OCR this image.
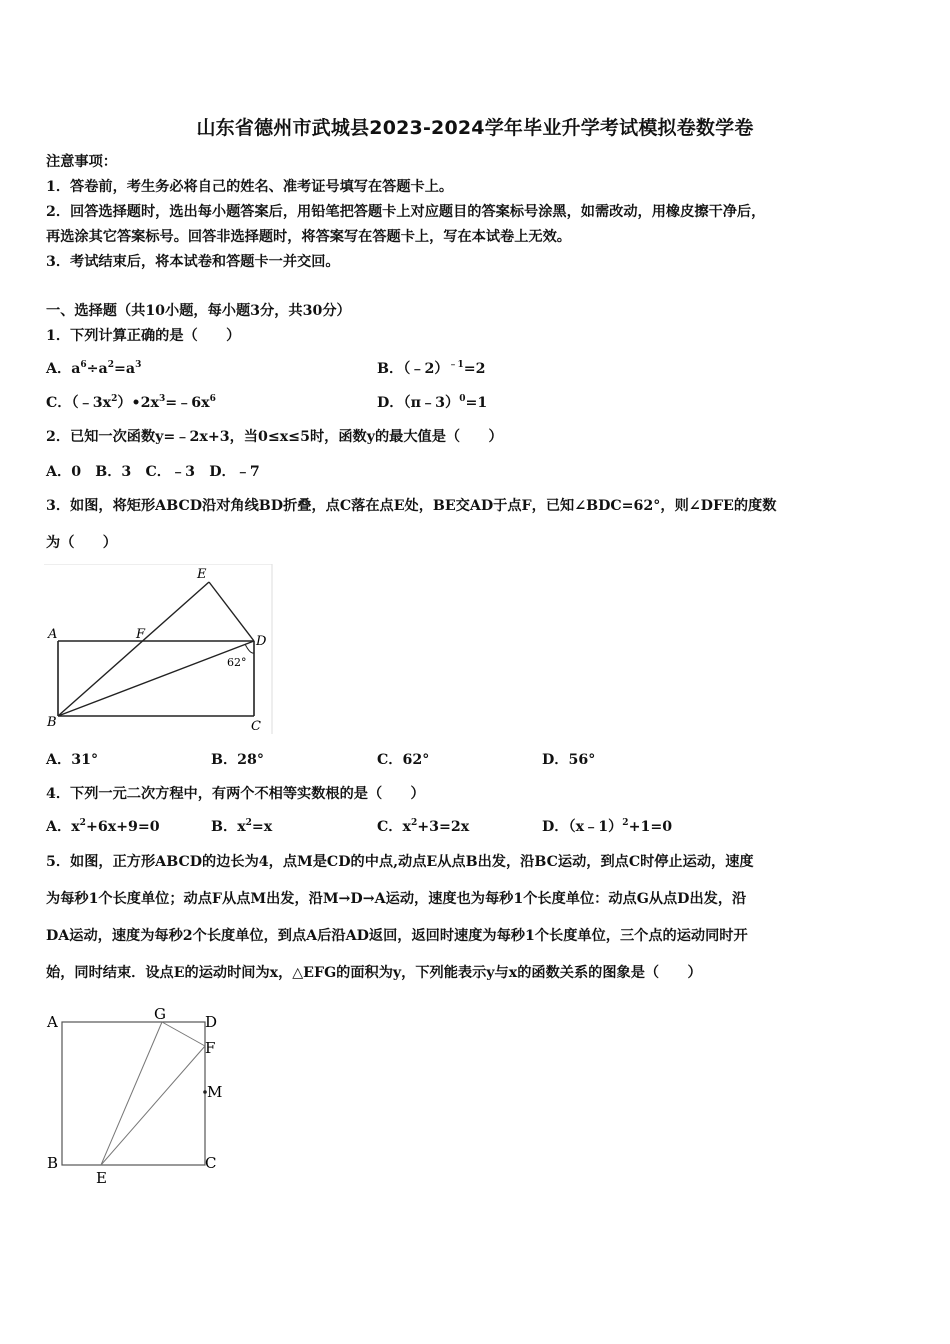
山东省德州市武城县2023-2024学年毕业升学考试模拟卷数学卷
注意事项：
1．答卷前，考生务必将自己的姓名、准考证号填写在答题卡上。
2．回答选择题时，选出每小题答案后，用铅笔把答题卡上对应题目的答案标号涂黑，如需改动，用橡皮擦干净后，
再选涂其它答案标号。回答非选择题时，将答案写在答题卡上，写在本试卷上无效。
3．考试结束后，将本试卷和答题卡一并交回。
一、选择题（共10小题，每小题3分，共30分）
1．下列计算正确的是（　　）
A．$a^6\div a^2=a^3$	B．（﹣2）$^{﹣1}$=2
C．$(﹣3x^2)•2x^3=﹣6x^6$	D．（π﹣3）$^0$=1
2．已知一次函数y=﹣2x+3，当0≤x≤5时，函数y的最大值是（　　）
A．0　B．3　C．﹣3　D．﹣7
3．如图，将矩形ABCD沿对角线BD折叠，点C落在点E处，BE交AD于点F，已知∠BDC=62°，则∠DFE的度数
为（　　）
A	F	D
E
B	C
62°
A．31°	B．28°	C．62°	D．56°
4．下列一元二次方程中，有两个不相等实数根的是（　　）
A．$x^2+6x+9=0$	B．$x^2=x$	C．$x^2+3=2x$	D．（x﹣1）$^2$+1=0
5．如图，正方形ABCD的边长为4，点M是CD的中点,动点E从点B出发，沿BC运动，到点C时停止运动，速度
为每秒1个长度单位；动点F从点M出发，沿M→D→A运动，速度也为每秒1个长度单位：动点G从点D出发，沿
DA运动，速度为每秒2个长度单位，到点A后沿AD返回，返回时速度为每秒1个长度单位，三个点的运动同时开
始，同时结束．设点E的运动时间为x，△EFG的面积为y，下列能表示y与x的函数关系的图象是（　　）
A	G	D
F
M
B
E
C
